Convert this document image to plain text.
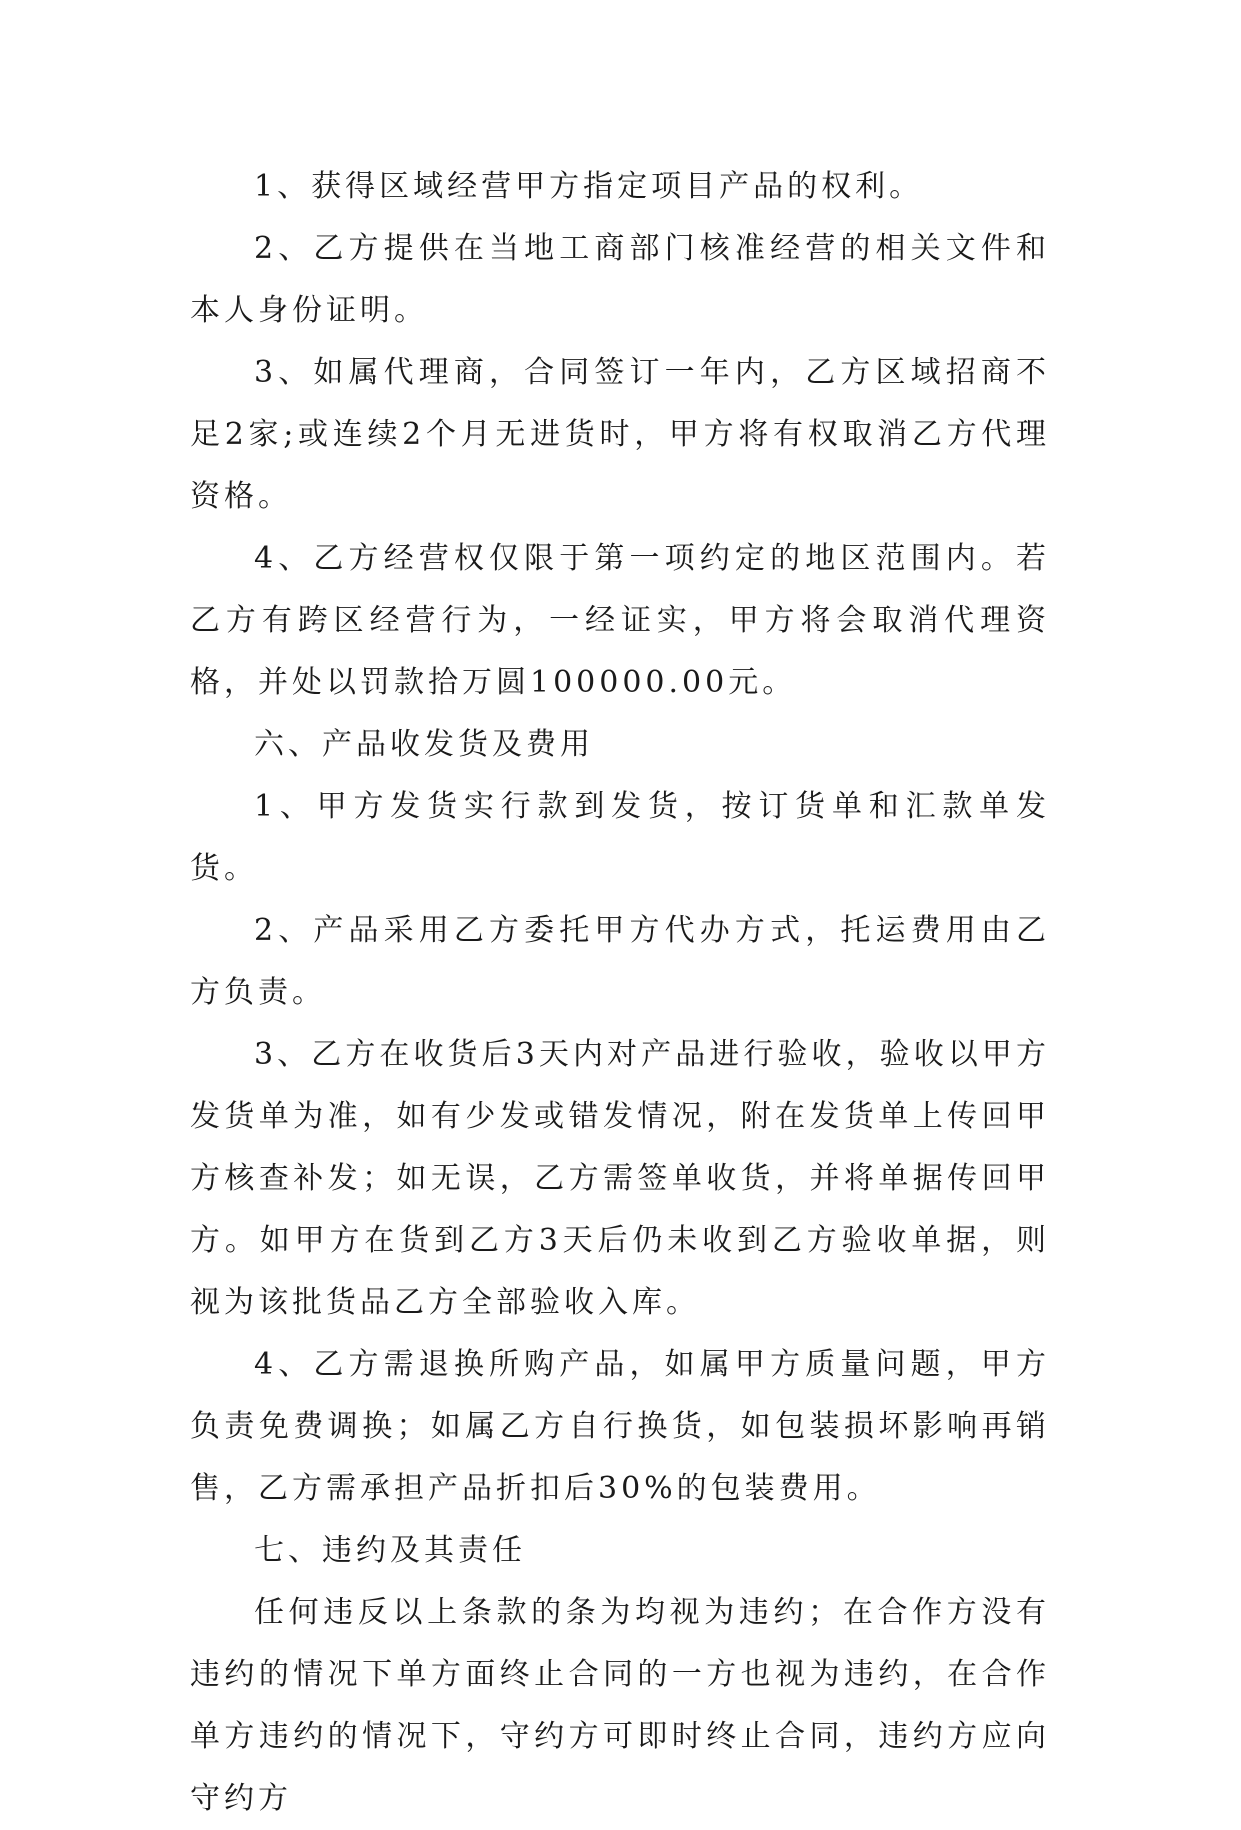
1、获得区域经营甲方指定项目产品的权利。

2、乙方提供在当地工商部门核准经营的相关文件和本人身份证明。

3、如属代理商，合同签订一年内，乙方区域招商不足2家;或连续2个月无进货时，甲方将有权取消乙方代理资格。

4、乙方经营权仅限于第一项约定的地区范围内。若乙方有跨区经营行为，一经证实，甲方将会取消代理资格，并处以罚款拾万圆100000.00元。

六、产品收发货及费用

1、甲方发货实行款到发货，按订货单和汇款单发货。

2、产品采用乙方委托甲方代办方式，托运费用由乙方负责。

3、乙方在收货后3天内对产品进行验收，验收以甲方发货单为准，如有少发或错发情况，附在发货单上传回甲方核查补发；如无误，乙方需签单收货，并将单据传回甲方。如甲方在货到乙方3天后仍未收到乙方验收单据，则视为该批货品乙方全部验收入库。

4、乙方需退换所购产品，如属甲方质量问题，甲方负责免费调换；如属乙方自行换货，如包装损坏影响再销售，乙方需承担产品折扣后30%的包装费用。

七、违约及其责任

任何违反以上条款的条为均视为违约；在合作方没有违约的情况下单方面终止合同的一方也视为违约，在合作单方违约的情况下，守约方可即时终止合同，违约方应向守约方
